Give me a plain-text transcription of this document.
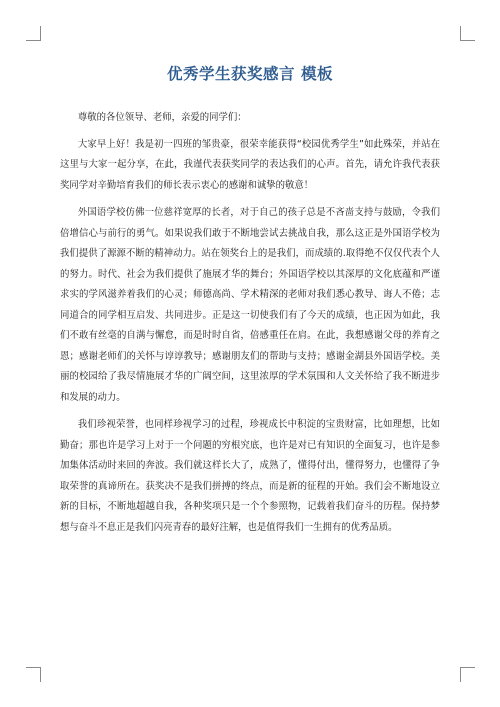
优秀学生获奖感言 模板

尊敬的各位领导、老师，亲爱的同学们：

大家早上好！我是初一四班的邹贵豪，很荣幸能获得“校园优秀学生”如此殊荣，并站在这里与大家一起分享，在此，我谨代表获奖同学的表达我们的心声。首先，请允许我代表获奖同学对辛勤培育我们的师长表示衷心的感谢和诚挚的敬意！

外国语学校仿佛一位慈祥宽厚的长者，对于自己的孩子总是不吝啬支持与鼓励，令我们倍增信心与前行的勇气。如果说我们敢于不断地尝试去挑战自我，那么这正是外国语学校为我们提供了源源不断的精神动力。站在领奖台上的是我们，而成绩的.取得绝不仅仅代表个人的努力。时代、社会为我们提供了施展才华的舞台；外国语学校以其深厚的文化底蕴和严谨求实的学风滋养着我们的心灵；师德高尚、学术精深的老师对我们悉心教导、诲人不倦；志同道合的同学相互启发、共同进步。正是这一切使我们有了今天的成绩，也正因为如此，我们不敢有丝毫的自满与懈怠，而是时时自省，倍感重任在肩。在此，我想感谢父母的养育之恩；感谢老师们的关怀与谆谆教导；感谢朋友们的帮助与支持；感谢金湖县外国语学校。美丽的校园给了我尽情施展才华的广阔空间，这里浓厚的学术氛围和人文关怀给了我不断进步和发展的动力。

我们珍视荣誉，也同样珍视学习的过程，珍视成长中积淀的宝贵财富，比如理想，比如勤奋；那也许是学习上对于一个问题的穷根究底，也许是对已有知识的全面复习，也许是参加集体活动时来回的奔波。我们就这样长大了，成熟了，懂得付出，懂得努力，也懂得了争取荣誉的真谛所在。获奖决不是我们拼搏的终点，而是新的征程的开始。我们会不断地设立新的目标，不断地超越自我，各种奖项只是一个个参照物，记载着我们奋斗的历程。保持梦想与奋斗不息正是我们闪亮青春的最好注解，也是值得我们一生拥有的优秀品质。
